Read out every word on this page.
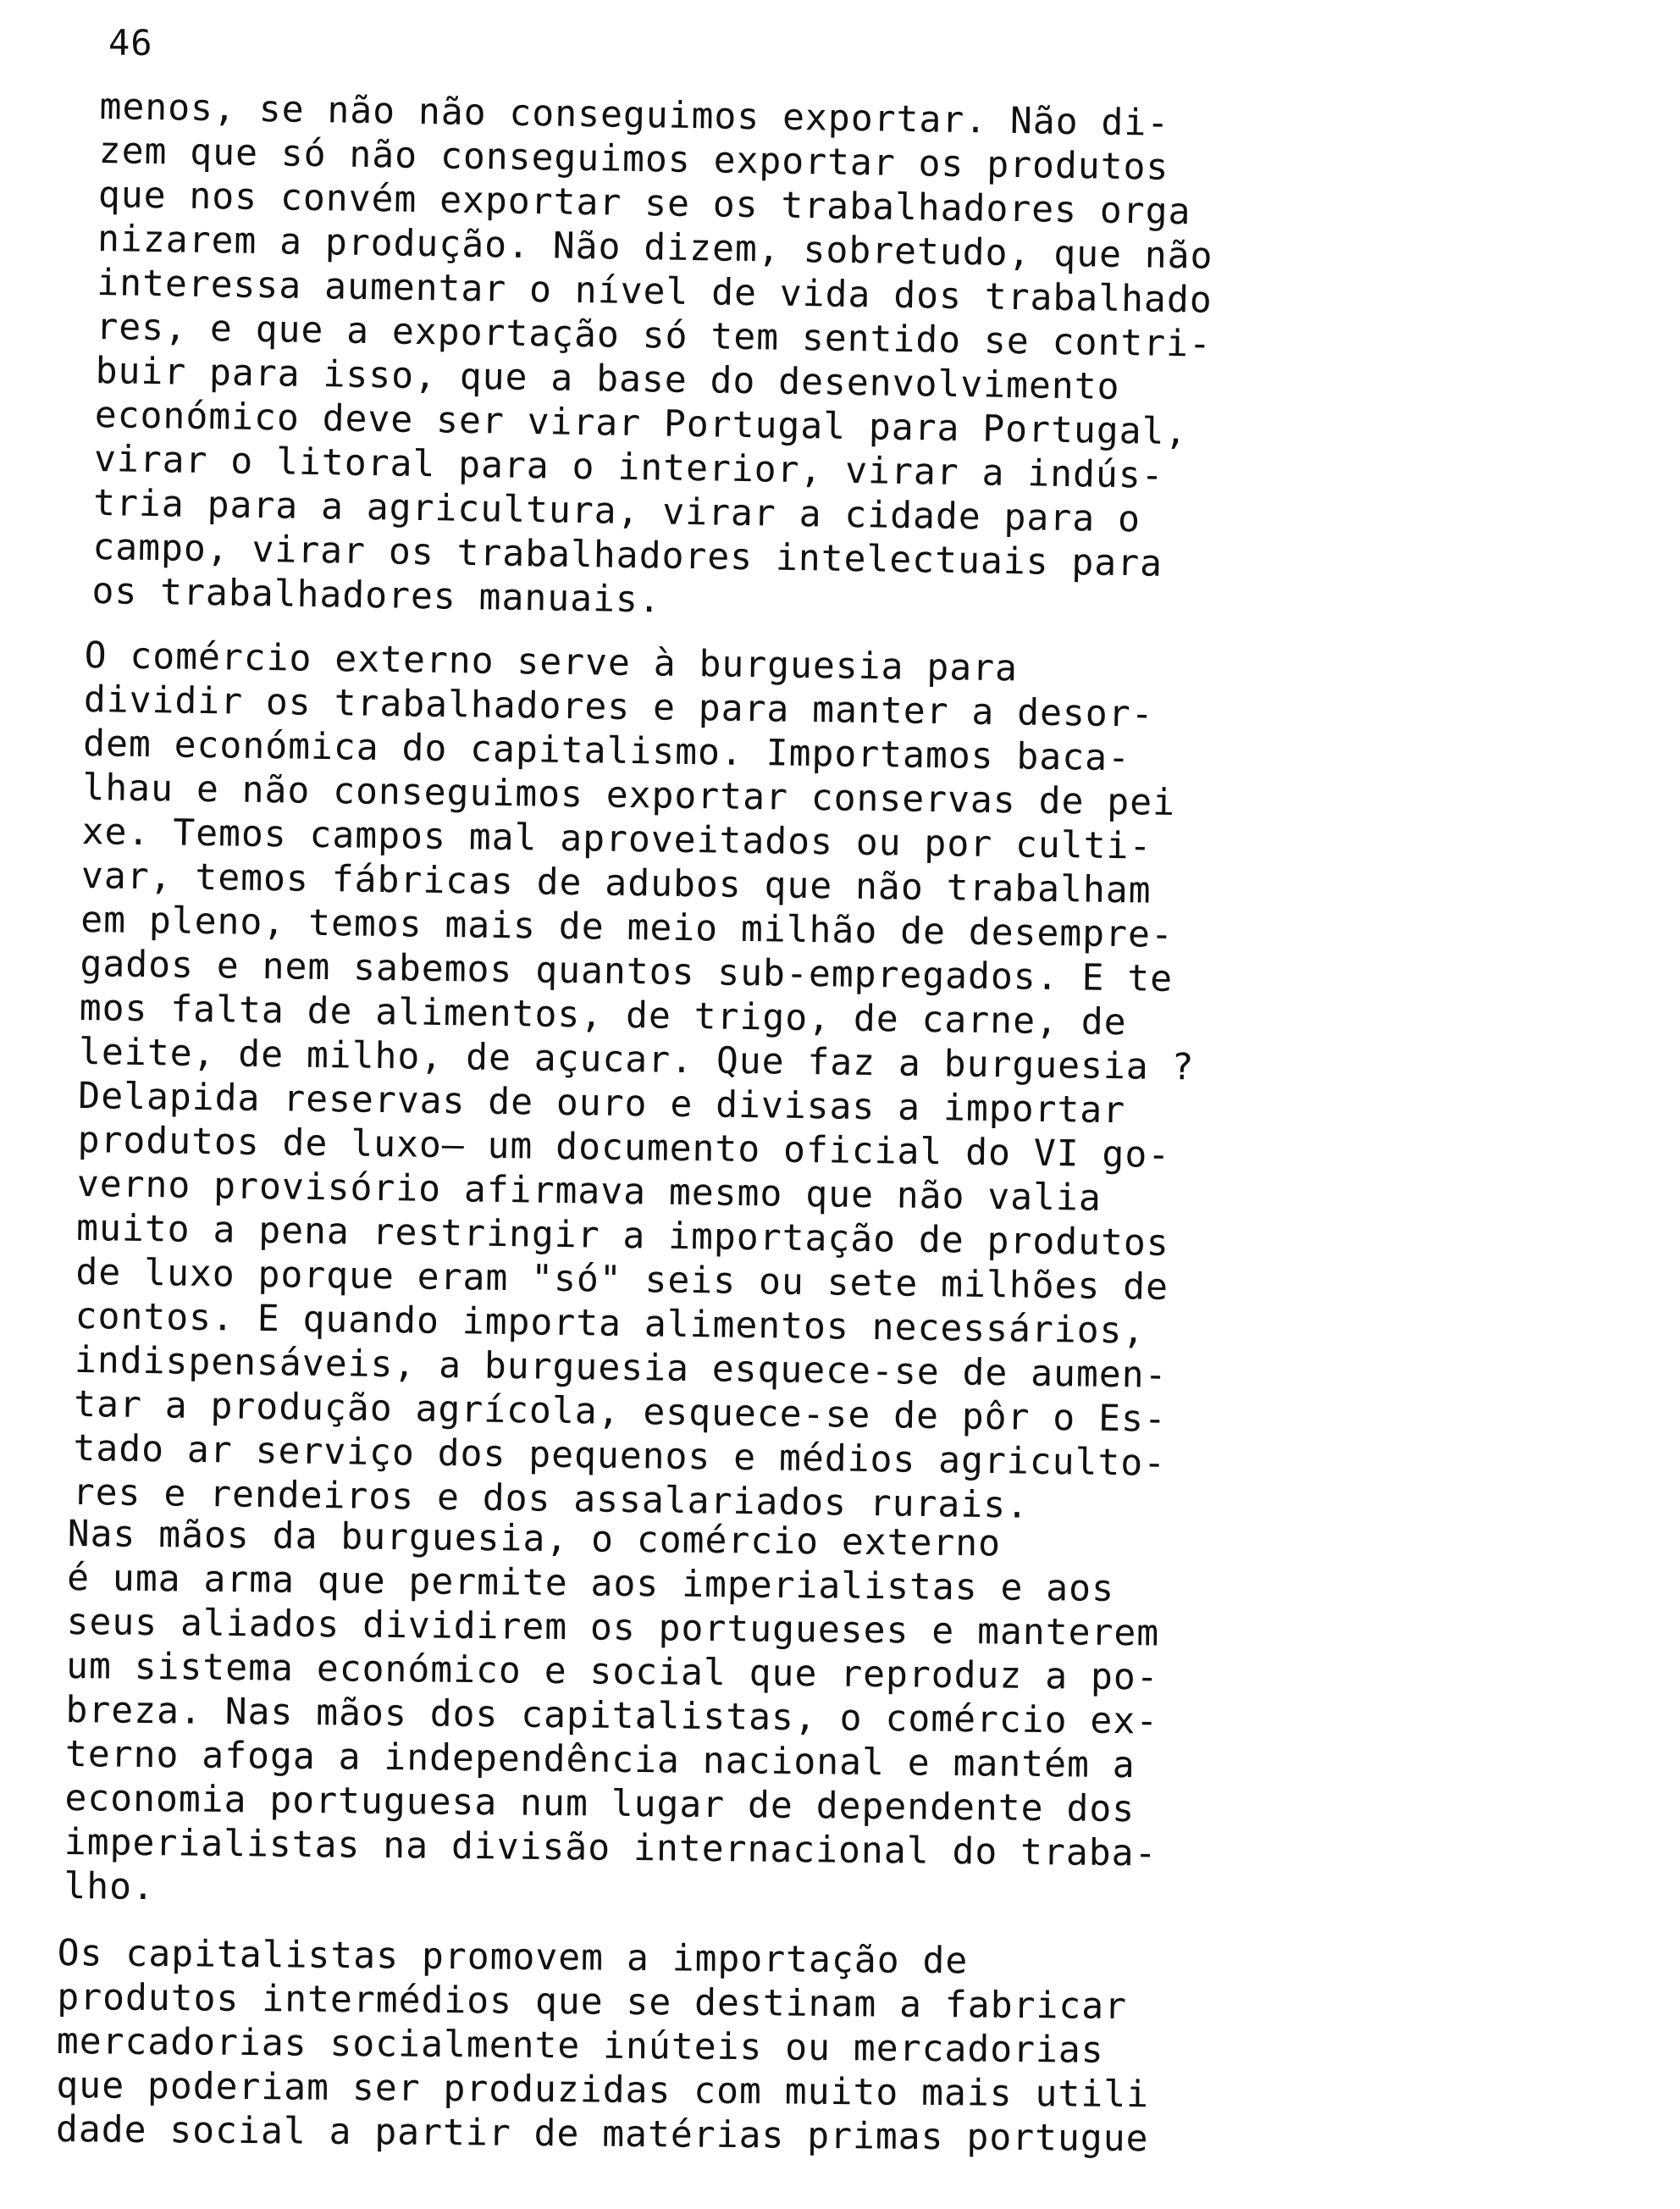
46
menos, se não não conseguimos exportar. Não di-
zem que só não conseguimos exportar os produtos
que nos convém exportar se os trabalhadores orga
nizarem a produção. Não dizem, sobretudo, que não
interessa aumentar o nível de vida dos trabalhado
res, e que a exportação só tem sentido se contri-
buir para isso, que a base do desenvolvimento
económico deve ser virar Portugal para Portugal,
virar o litoral para o interior, virar a indús-
tria para a agricultura, virar a cidade para o
campo, virar os trabalhadores intelectuais para
os trabalhadores manuais.
O comércio externo serve à burguesia para
dividir os trabalhadores e para manter a desor-
dem económica do capitalismo. Importamos baca-
lhau e não conseguimos exportar conservas de pei
xe. Temos campos mal aproveitados ou por culti-
var, temos fábricas de adubos que não trabalham
em pleno, temos mais de meio milhão de desempre-
gados e nem sabemos quantos sub-empregados. E te
mos falta de alimentos, de trigo, de carne, de
leite, de milho, de açucar. Que faz a burguesia ?
Delapida reservas de ouro e divisas a importar
produtos de luxo— um documento oficial do VI go-
verno provisório afirmava mesmo que não valia
muito a pena restringir a importação de produtos
de luxo porque eram "só" seis ou sete milhões de
contos. E quando importa alimentos necessários,
indispensáveis, a burguesia esquece-se de aumen-
tar a produção agrícola, esquece-se de pôr o Es-
tado ar serviço dos pequenos e médios agriculto-
res e rendeiros e dos assalariados rurais.
Nas mãos da burguesia, o comércio externo
é uma arma que permite aos imperialistas e aos
seus aliados dividirem os portugueses e manterem
um sistema económico e social que reproduz a po-
breza. Nas mãos dos capitalistas, o comércio ex-
terno afoga a independência nacional e mantém a
economia portuguesa num lugar de dependente dos
imperialistas na divisão internacional do traba-
lho.
Os capitalistas promovem a importação de
produtos intermédios que se destinam a fabricar
mercadorias socialmente inúteis ou mercadorias
que poderiam ser produzidas com muito mais utili
dade social a partir de matérias primas portugue
